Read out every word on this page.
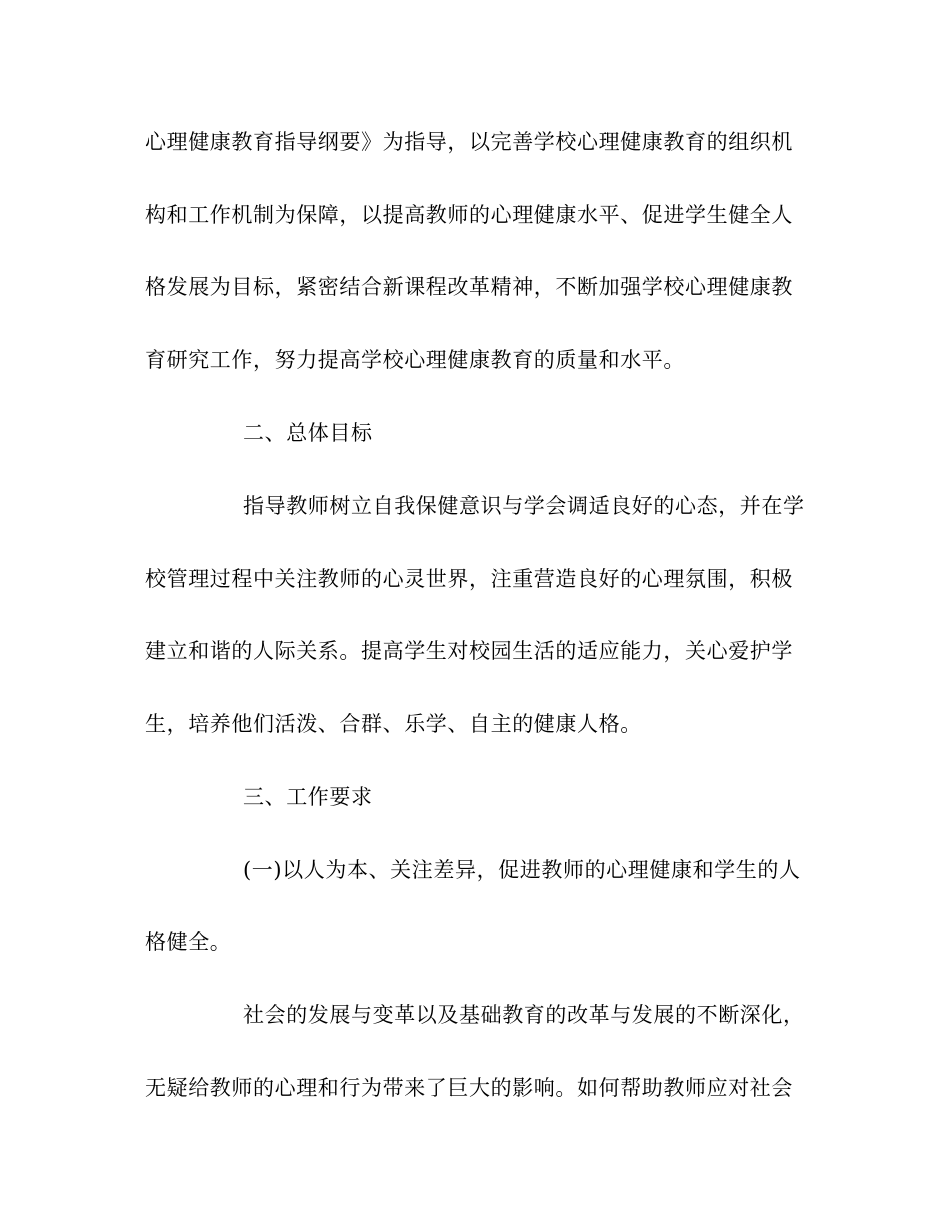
心理健康教育指导纲要》为指导，以完善学校心理健康教育的组织机
构和工作机制为保障，以提高教师的心理健康水平、促进学生健全人
格发展为目标，紧密结合新课程改革精神，不断加强学校心理健康教
育研究工作，努力提高学校心理健康教育的质量和水平。
二、总体目标
指导教师树立自我保健意识与学会调适良好的心态，并在学
校管理过程中关注教师的心灵世界，注重营造良好的心理氛围，积极
建立和谐的人际关系。提高学生对校园生活的适应能力，关心爱护学
生，培养他们活泼、合群、乐学、自主的健康人格。
三、工作要求
(一)以人为本、关注差异，促进教师的心理健康和学生的人
格健全。
社会的发展与变革以及基础教育的改革与发展的不断深化，
无疑给教师的心理和行为带来了巨大的影响。如何帮助教师应对社会
